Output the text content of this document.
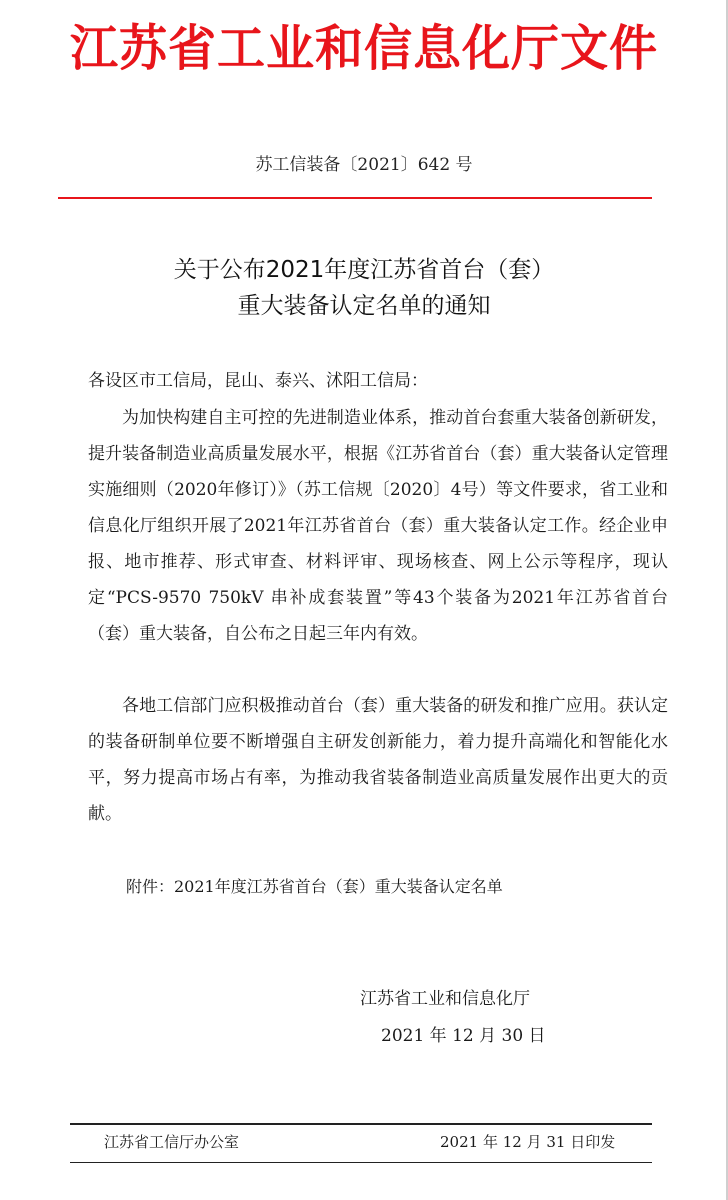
江苏省工业和信息化厅文件
苏工信装备〔2021〕642 号
关于公布2021年度江苏省首台（套）
重大装备认定名单的通知
各设区市工信局，昆山、泰兴、沭阳工信局：
为加快构建自主可控的先进制造业体系，推动首台套重大装备创新研发，提升装备制造业高质量发展水平，根据《江苏省首台（套）重大装备认定管理实施细则（2020年修订）》（苏工信规〔2020〕4号）等文件要求，省工业和信息化厅组织开展了2021年江苏省首台（套）重大装备认定工作。经企业申报、地市推荐、形式审查、材料评审、现场核查、网上公示等程序，现认定“PCS-9570 750kV 串补成套装置”等43个装备为2021年江苏省首台（套）重大装备，自公布之日起三年内有效。
各地工信部门应积极推动首台（套）重大装备的研发和推广应用。获认定的装备研制单位要不断增强自主研发创新能力，着力提升高端化和智能化水平，努力提高市场占有率，为推动我省装备制造业高质量发展作出更大的贡献。
附件：2021年度江苏省首台（套）重大装备认定名单
江苏省工业和信息化厅
2021 年 12 月 30 日
江苏省工信厅办公室	2021 年 12 月 31 日印发
